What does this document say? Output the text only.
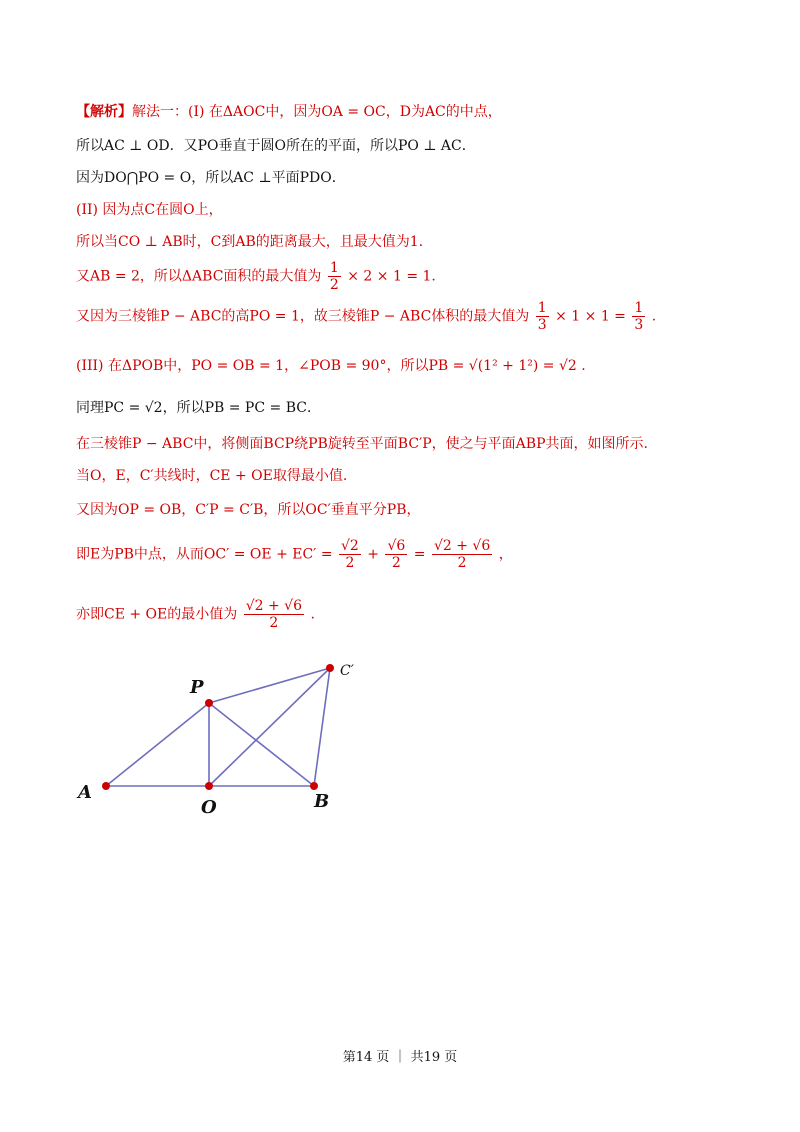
【解析】解法一：(I) 在ΔAOC中，因为OA = OC，D为AC的中点，
所以AC ⊥ OD．又PO垂直于圆O所在的平面，所以PO ⊥ AC．
因为DO⋂PO = O，所以AC ⊥平面PDO．
(II) 因为点C在圆O上，
所以当CO ⊥ AB时，C到AB的距离最大，且最大值为1.
又AB = 2，所以ΔABC面积的最大值为 $\frac{1}{2} \times 2 \times 1 = 1$.
又因为三棱锥P − ABC的高PO = 1，故三棱锥P − ABC体积的最大值为 $\frac{1}{3} \times 1 \times 1 = \frac{1}{3}$ .
(III) 在ΔPOB中，PO = OB = 1，∠POB = 90°，所以PB = √(1² + 1²) = √2 .
同理PC = √2，所以PB = PC = BC．
在三棱锥P − ABC中，将侧面BCP绕PB旋转至平面BC′P，使之与平面ABP共面，如图所示.
当O，E，C′共线时，CE + OE取得最小值.
又因为OP = OB，C′P = C′B，所以OC′垂直平分PB，
即E为PB中点，从而OC′ = OE + $EC' = \frac{√2}{2} + \frac{√6}{2} = \frac{√2 + √6}{2}$ ，
亦即CE + OE的最小值为 $\frac{√2 + √6}{2}$ .
P
A
O	B
C′
第14 页 ｜ 共19 页
